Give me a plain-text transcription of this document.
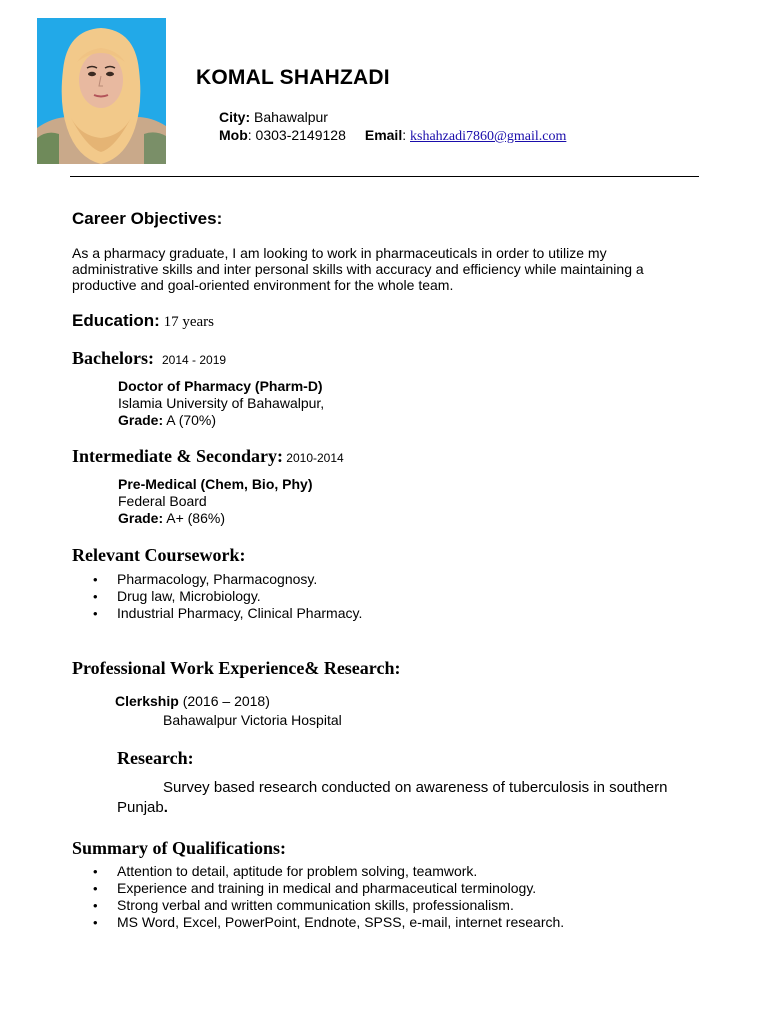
KOMAL SHAHZADI
City: Bahawalpur
Mob: 0303-2149128 Email: kshahzadi7860@gmail.com
Career Objectives:
As a pharmacy graduate, I am looking to work in pharmaceuticals in order to utilize my
administrative skills and inter personal skills with accuracy and efficiency while maintaining a
productive and goal-oriented environment for the whole team.
Education: 17 years
Bachelors: 2014 - 2019
Doctor of Pharmacy (Pharm-D)
Islamia University of Bahawalpur,
Grade: A (70%)
Intermediate & Secondary: 2010-2014
Pre-Medical (Chem, Bio, Phy)
Federal Board
Grade: A+ (86%)
Relevant Coursework:
• Pharmacology, Pharmacognosy.
• Drug law, Microbiology.
• Industrial Pharmacy, Clinical Pharmacy.
Professional Work Experience& Research:
Clerkship (2016 – 2018)
Bahawalpur Victoria Hospital
Research:
Survey based research conducted on awareness of tuberculosis in southern
Punjab.
Summary of Qualifications:
• Attention to detail, aptitude for problem solving, teamwork.
• Experience and training in medical and pharmaceutical terminology.
• Strong verbal and written communication skills, professionalism.
• MS Word, Excel, PowerPoint, Endnote, SPSS, e-mail, internet research.
